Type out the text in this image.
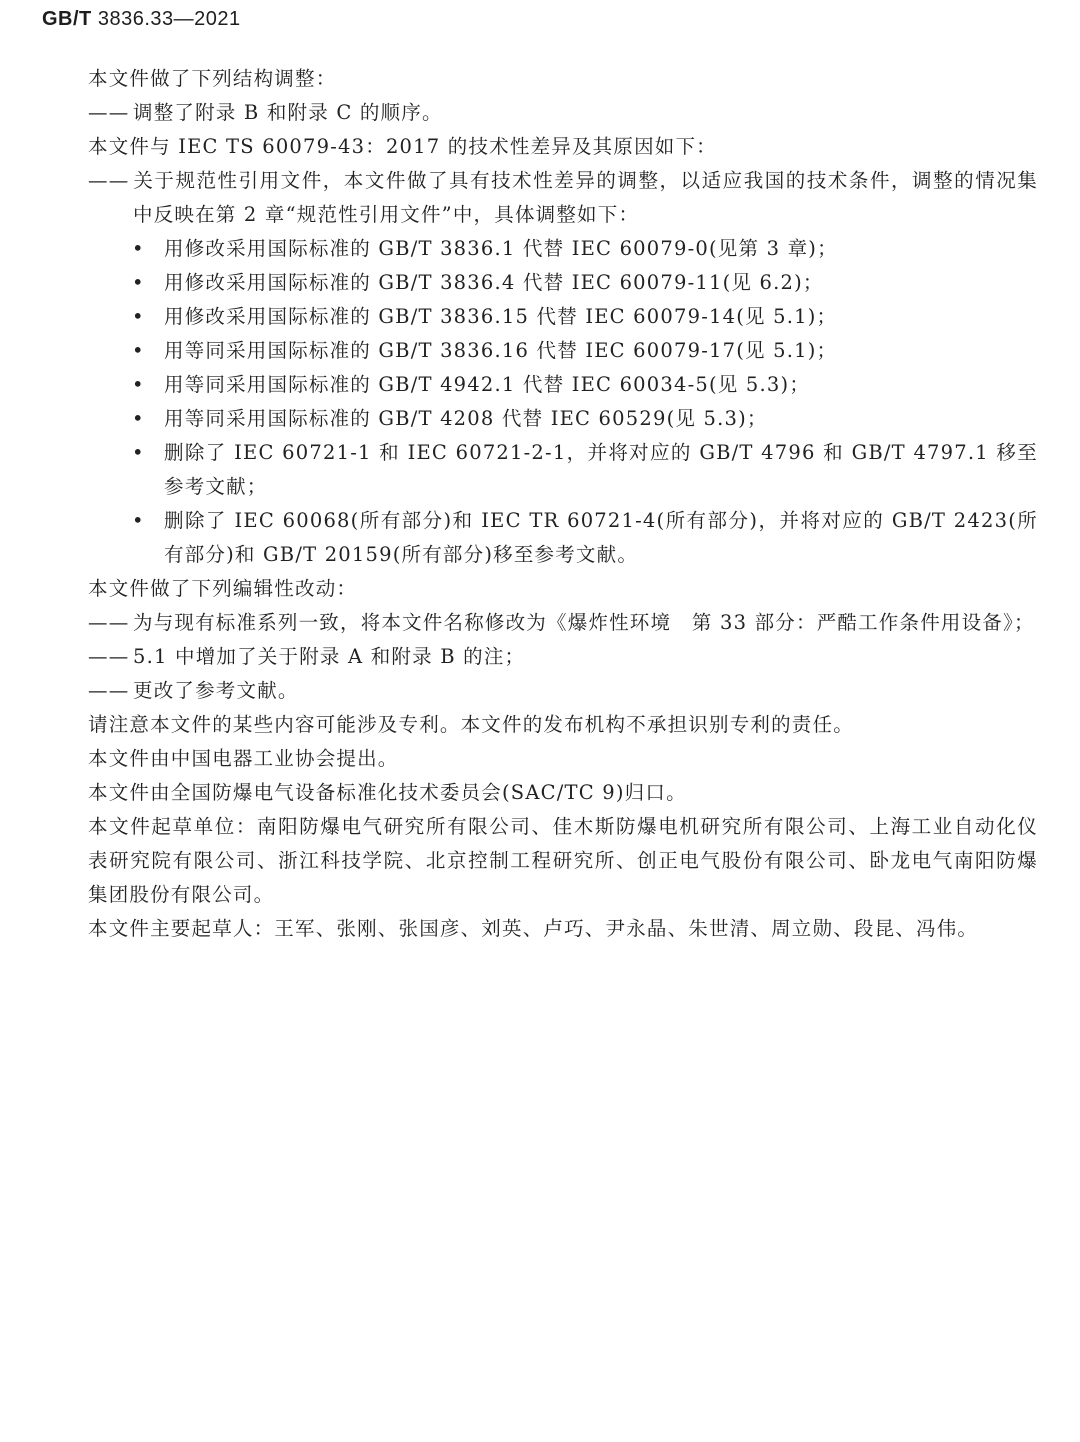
GB/T 3836.33—2021

本文件做了下列结构调整：

—— 调整了附录 B 和附录 C 的顺序。

本文件与 IEC TS 60079-43：2017 的技术性差异及其原因如下：

—— 关于规范性引用文件，本文件做了具有技术性差异的调整，以适应我国的技术条件，调整的情况集中反映在第 2 章“规范性引用文件”中，具体调整如下：

• 用修改采用国际标准的 GB/T 3836.1 代替 IEC 60079-0(见第 3 章)；

• 用修改采用国际标准的 GB/T 3836.4 代替 IEC 60079-11(见 6.2)；

• 用修改采用国际标准的 GB/T 3836.15 代替 IEC 60079-14(见 5.1)；

• 用等同采用国际标准的 GB/T 3836.16 代替 IEC 60079-17(见 5.1)；

• 用等同采用国际标准的 GB/T 4942.1 代替 IEC 60034-5(见 5.3)；

• 用等同采用国际标准的 GB/T 4208 代替 IEC 60529(见 5.3)；

• 删除了 IEC 60721-1 和 IEC 60721-2-1，并将对应的 GB/T 4796 和 GB/T 4797.1 移至参考文献；

• 删除了 IEC 60068(所有部分)和 IEC TR 60721-4(所有部分)，并将对应的 GB/T 2423(所有部分)和 GB/T 20159(所有部分)移至参考文献。

本文件做了下列编辑性改动：

—— 为与现有标准系列一致，将本文件名称修改为《爆炸性环境　第 33 部分：严酷工作条件用设备》；

—— 5.1 中增加了关于附录 A 和附录 B 的注；

—— 更改了参考文献。

请注意本文件的某些内容可能涉及专利。本文件的发布机构不承担识别专利的责任。

本文件由中国电器工业协会提出。

本文件由全国防爆电气设备标准化技术委员会(SAC/TC 9)归口。

本文件起草单位：南阳防爆电气研究所有限公司、佳木斯防爆电机研究所有限公司、上海工业自动化仪表研究院有限公司、浙江科技学院、北京控制工程研究所、创正电气股份有限公司、卧龙电气南阳防爆集团股份有限公司。

本文件主要起草人：王军、张刚、张国彦、刘英、卢巧、尹永晶、朱世清、周立勋、段昆、冯伟。
